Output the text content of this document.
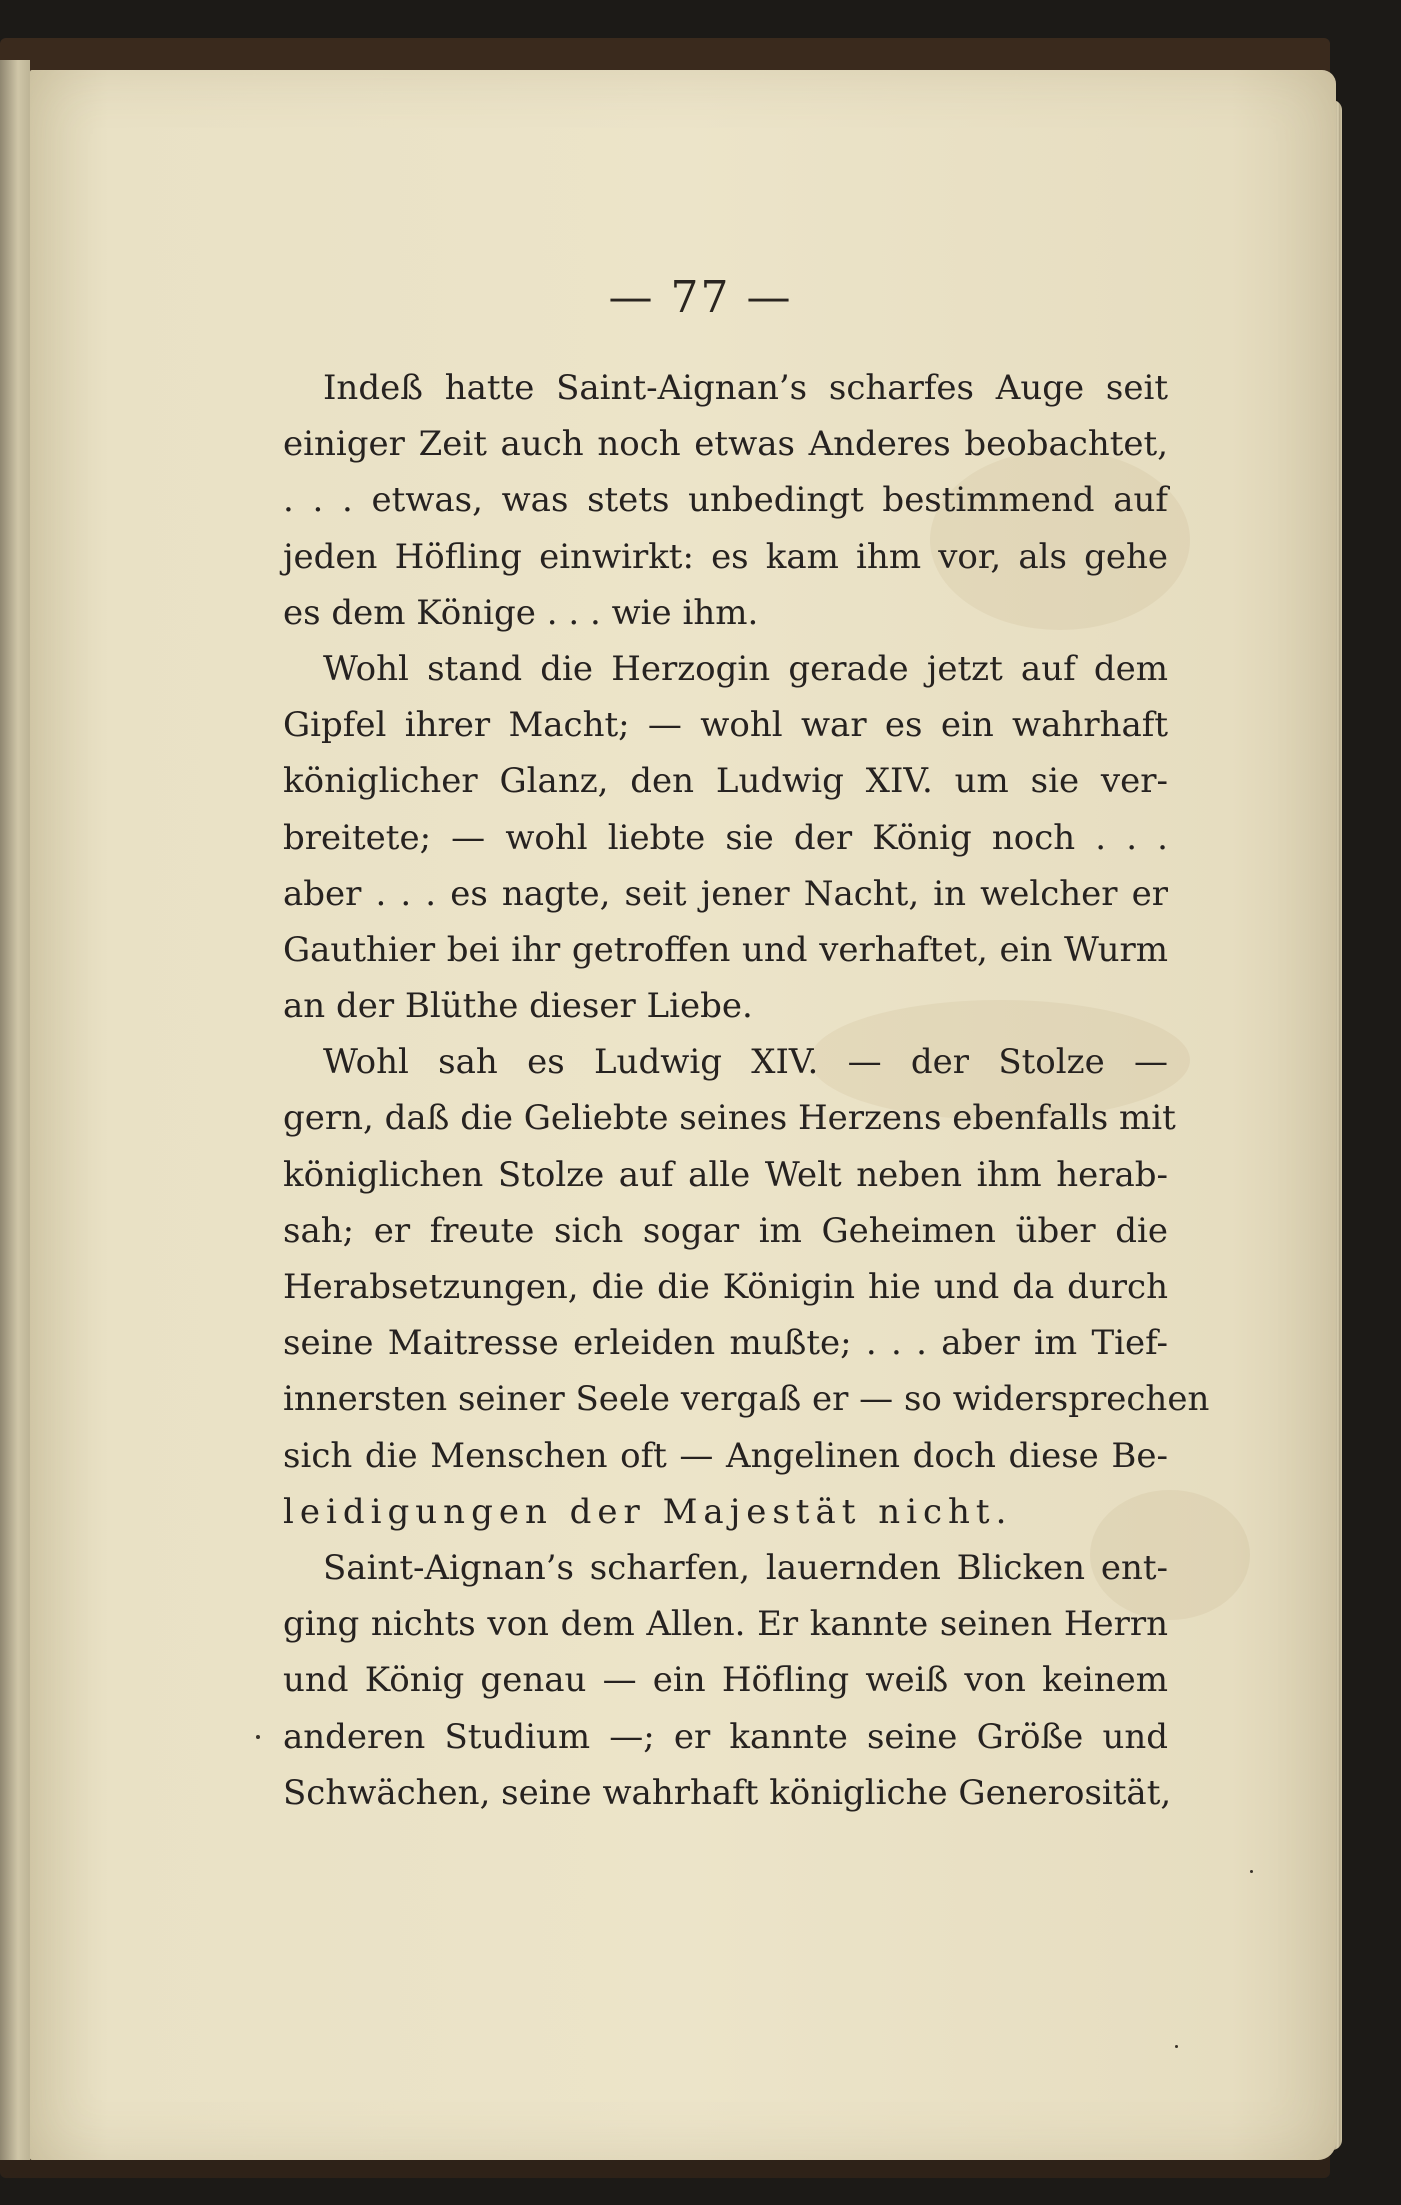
— 77 —
Indeß hatte Saint-Aignan’s scharfes Auge seit
einiger Zeit auch noch etwas Anderes beobachtet,
. . . etwas, was stets unbedingt bestimmend auf
jeden Höfling einwirkt: es kam ihm vor, als gehe
es dem Könige . . . wie ihm.
Wohl stand die Herzogin gerade jetzt auf dem
Gipfel ihrer Macht; — wohl war es ein wahrhaft
königlicher Glanz, den Ludwig XIV. um sie ver-
breitete; — wohl liebte sie der König noch . . .
aber . . . es nagte, seit jener Nacht, in welcher er
Gauthier bei ihr getroffen und verhaftet, ein Wurm
an der Blüthe dieser Liebe.
Wohl sah es Ludwig XIV. — der Stolze —
gern, daß die Geliebte seines Herzens ebenfalls mit
königlichen Stolze auf alle Welt neben ihm herab-
sah; er freute sich sogar im Geheimen über die
Herabsetzungen, die die Königin hie und da durch
seine Maitresse erleiden mußte; . . . aber im Tief-
innersten seiner Seele vergaß er — so widersprechen
sich die Menschen oft — Angelinen doch diese Be-
leidigungen der Majestät nicht.
Saint-Aignan’s scharfen, lauernden Blicken ent-
ging nichts von dem Allen. Er kannte seinen Herrn
und König genau — ein Höfling weiß von keinem
anderen Studium —; er kannte seine Größe und
Schwächen, seine wahrhaft königliche Generosität,
